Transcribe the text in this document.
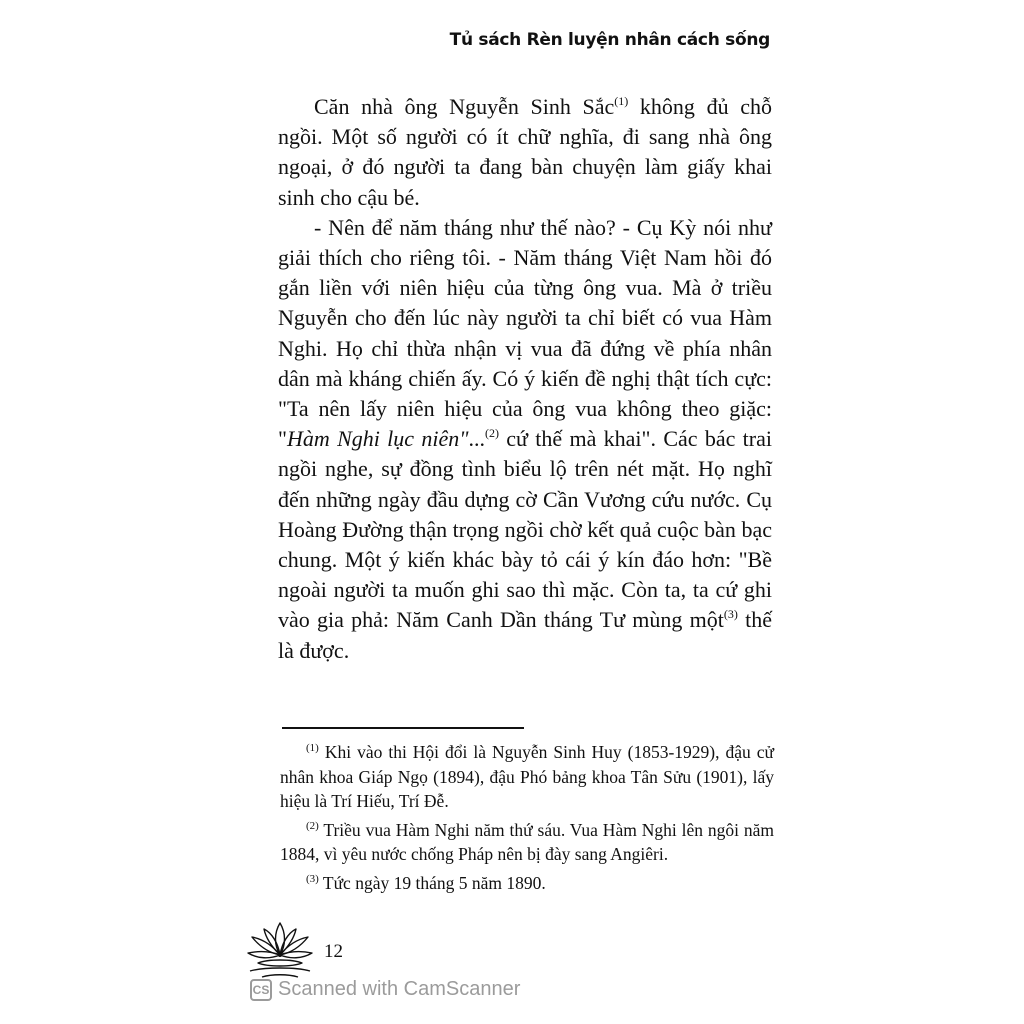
Tủ sách Rèn luyện nhân cách sống

Căn nhà ông Nguyễn Sinh Sắc$^{(1)}$ không đủ chỗ ngồi. Một số người có ít chữ nghĩa, đi sang nhà ông ngoại, ở đó người ta đang bàn chuyện làm giấy khai sinh cho cậu bé.

- Nên để năm tháng như thế nào? - Cụ Kỳ nói như giải thích cho riêng tôi. - Năm tháng Việt Nam hồi đó gắn liền với niên hiệu của từng ông vua. Mà ở triều Nguyễn cho đến lúc này người ta chỉ biết có vua Hàm Nghi. Họ chỉ thừa nhận vị vua đã đứng về phía nhân dân mà kháng chiến ấy. Có ý kiến đề nghị thật tích cực: "Ta nên lấy niên hiệu của ông vua không theo giặc: "Hàm Nghi lục niên"...$^{(2)}$ cứ thế mà khai". Các bác trai ngồi nghe, sự đồng tình biểu lộ trên nét mặt. Họ nghĩ đến những ngày đầu dựng cờ Cần Vương cứu nước. Cụ Hoàng Đường thận trọng ngồi chờ kết quả cuộc bàn bạc chung. Một ý kiến khác bày tỏ cái ý kín đáo hơn: "Bề ngoài người ta muốn ghi sao thì mặc. Còn ta, ta cứ ghi vào gia phả: Năm Canh Dần tháng Tư mùng một$^{(3)}$ thế là được.

$^{(1)}$ Khi vào thi Hội đổi là Nguyễn Sinh Huy (1853-1929), đậu cử nhân khoa Giáp Ngọ (1894), đậu Phó bảng khoa Tân Sửu (1901), lấy hiệu là Trí Hiếu, Trí Đễ.

$^{(2)}$ Triều vua Hàm Nghi năm thứ sáu. Vua Hàm Nghi lên ngôi năm 1884, vì yêu nước chống Pháp nên bị đày sang Angiêri.

$^{(3)}$ Tức ngày 19 tháng 5 năm 1890.

12
CS Scanned with CamScanner
